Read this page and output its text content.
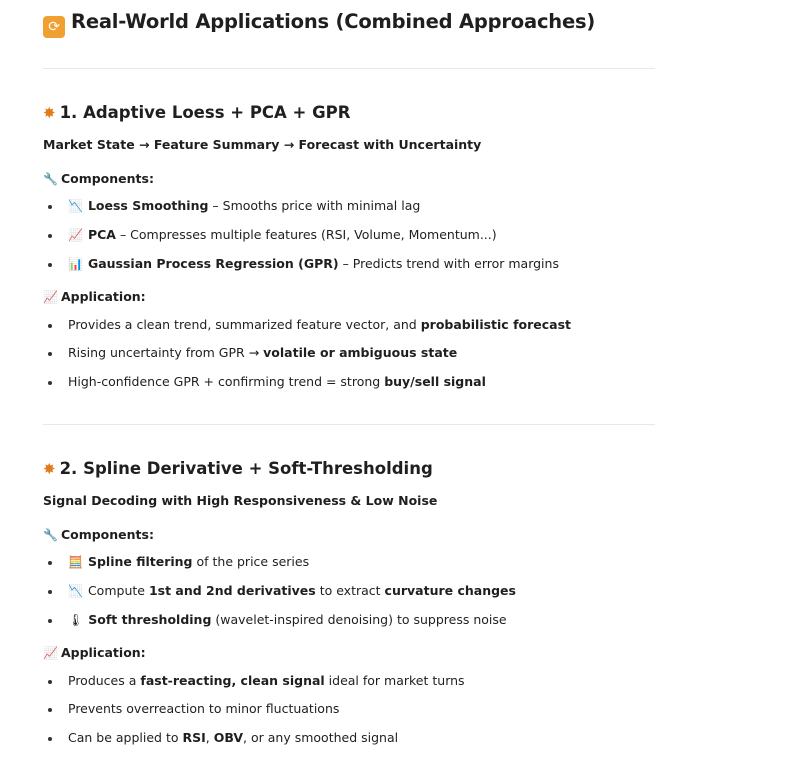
⟳ Real-World Applications (Combined Approaches)
✸ 1. Adaptive Loess + PCA + GPR
Market State → Feature Summary → Forecast with Uncertainty
🔧 Components:
📉 Loess Smoothing – Smooths price with minimal lag
📈 PCA – Compresses multiple features (RSI, Volume, Momentum...)
📊 Gaussian Process Regression (GPR) – Predicts trend with error margins
📈 Application:
Provides a clean trend, summarized feature vector, and probabilistic forecast
Rising uncertainty from GPR → volatile or ambiguous state
High-confidence GPR + confirming trend = strong buy/sell signal
✸ 2. Spline Derivative + Soft-Thresholding
Signal Decoding with High Responsiveness & Low Noise
🔧 Components:
🧮 Spline filtering of the price series
📉 Compute 1st and 2nd derivatives to extract curvature changes
🌡 Soft thresholding (wavelet-inspired denoising) to suppress noise
📈 Application:
Produces a fast-reacting, clean signal ideal for market turns
Prevents overreaction to minor fluctuations
Can be applied to RSI, OBV, or any smoothed signal
